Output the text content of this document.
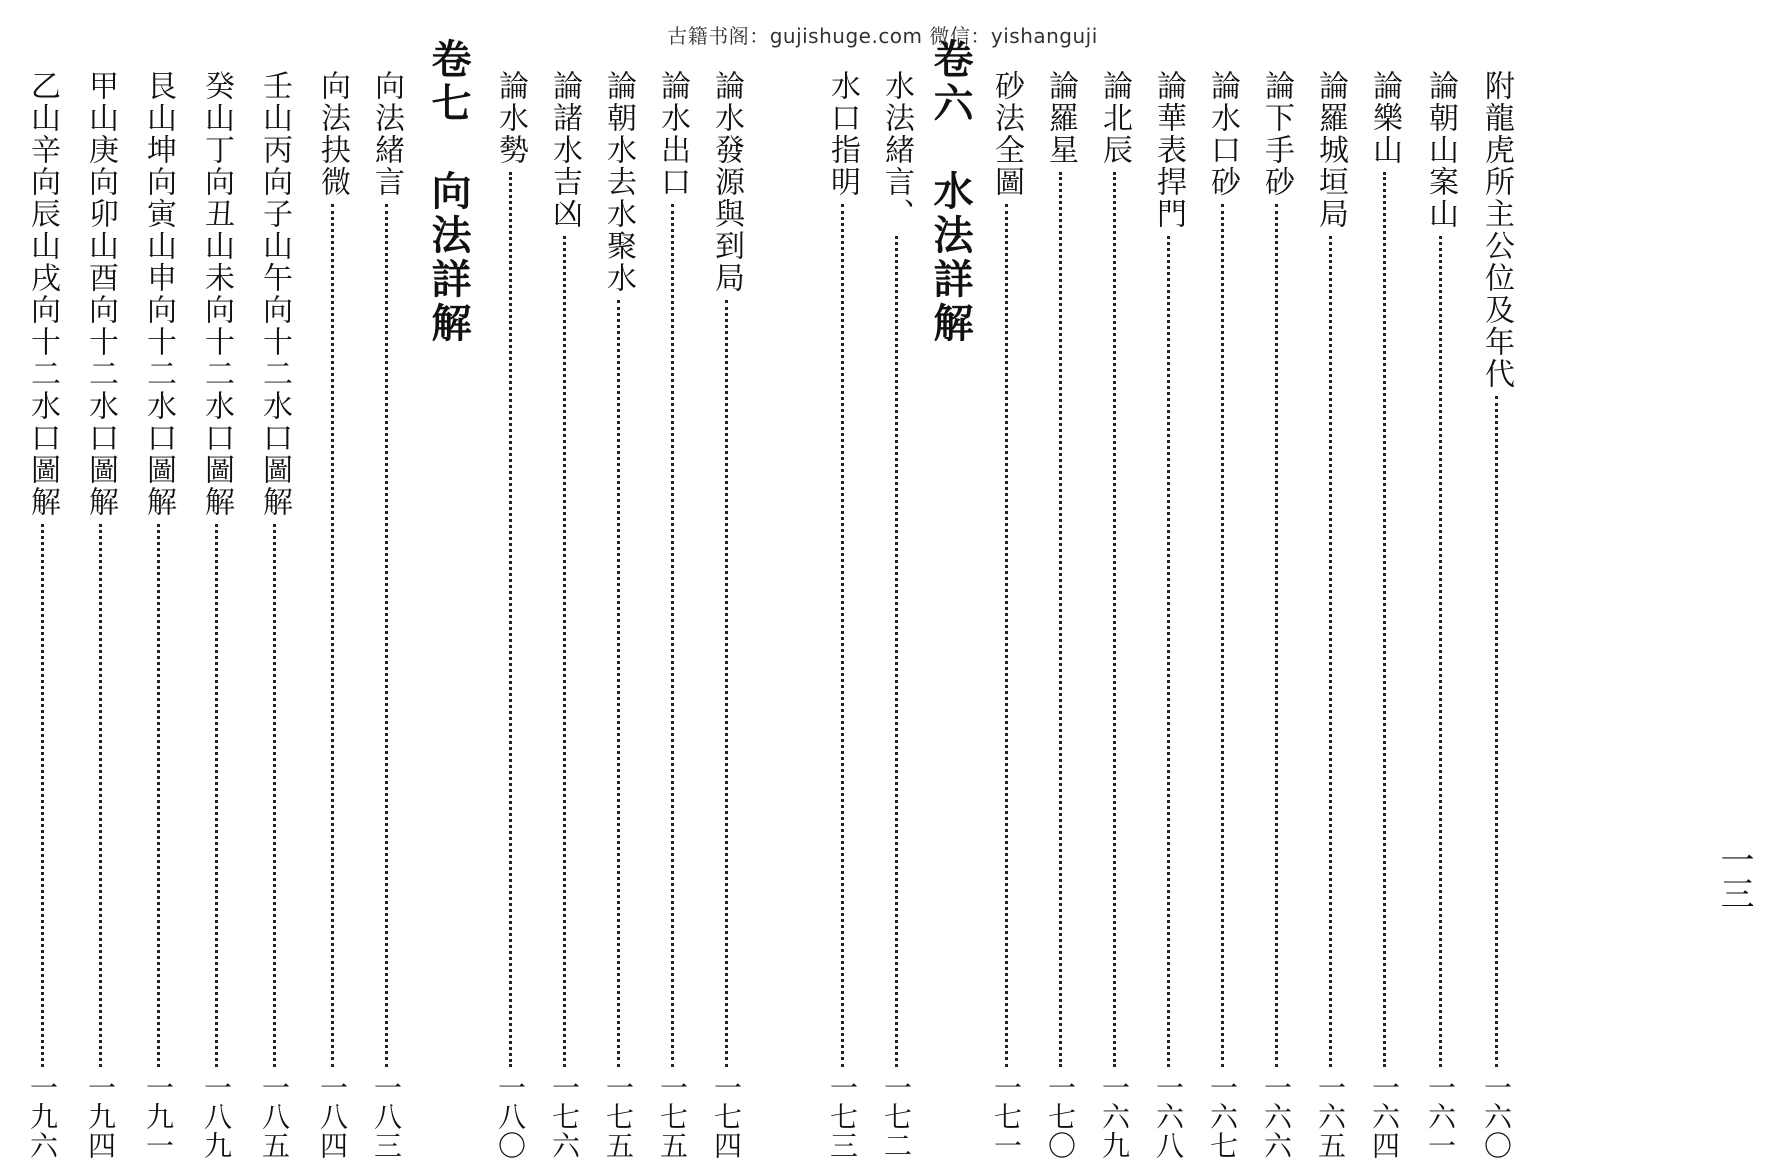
古籍书阁：gujishuge.com 微信：yishanguji
一三
附龍虎所主公位及年代
一六〇
論朝山案山
一六一
論樂山
一六四
論羅城垣局
一六五
論下手砂
一六六
論水口砂
一六七
論華表捍門
一六八
論北辰
一六九
論羅星
一七〇
砂法全圖
一七一
卷六水法詳解
水法緒言、
一七二
水口指明
一七三
論水發源與到局
一七四
論水出口
一七五
論朝水去水聚水
一七五
論諸水吉凶
一七六
論水勢
一八〇
卷七向法詳解
向法緒言
一八三
向法抉微
一八四
壬山丙向子山午向十二水口圖解
一八五
癸山丁向丑山未向十二水口圖解
一八九
艮山坤向寅山申向十二水口圖解
一九一
甲山庚向卯山酉向十二水口圖解
一九四
乙山辛向辰山戌向十二水口圖解
一九六
